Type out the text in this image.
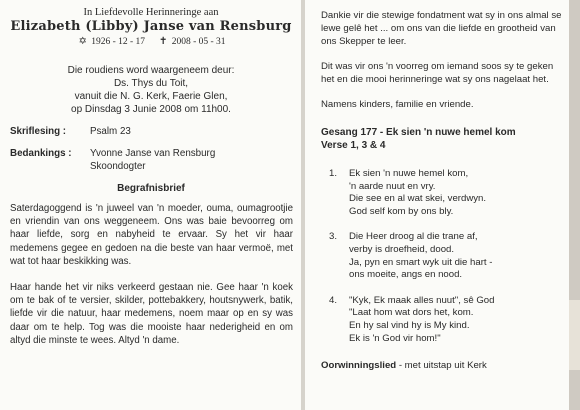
In Liefdevolle Herinneringe aan
Elizabeth (Libby) Janse van Rensburg
✡ 1926 - 12 - 17 ✝ 2008 - 05 - 31
Die roudiens word waargeneem deur:
Ds. Thys du Toit,
vanuit die N. G. Kerk, Faerie Glen,
op Dinsdag 3 Junie 2008 om 11h00.
Skriflesing :	Psalm 23
Bedankings :	Yvonne Janse van Rensburg
Skoondogter
Begrafnisbrief
Saterdagoggend is 'n juweel van 'n moeder, ouma, oumagrootjie en vriendin van ons weggeneem. Ons was baie bevoorreg om haar liefde, sorg en nabyheid te ervaar. Sy het vir haar medemens gegee en gedoen na die beste van haar vermoë, met wat tot haar beskikking was.
Haar hande het vir niks verkeerd gestaan nie. Gee haar 'n koek om te bak of te versier, skilder, pottebakkery, houtsnywerk, batik, liefde vir die natuur, haar medemens, noem maar op en sy was daar om te help. Tog was die mooiste haar nederigheid en om altyd die minste te wees. Altyd 'n dame.
Dankie vir die stewige fondatment wat sy in ons almal se lewe gelê het ... om ons van die liefde en grootheid van ons Skepper te leer.
Dit was vir ons 'n voorreg om iemand soos sy te geken het en die mooi herinneringe wat sy ons nagelaat het.
Namens kinders, familie en vriende.
Gesang 177 - Ek sien 'n nuwe hemel kom
Verse 1, 3 & 4
1.	Ek sien 'n nuwe hemel kom,
'n aarde nuut en vry.
Die see en al wat skei, verdwyn.
God self kom by ons bly.
3.	Die Heer droog al die trane af,
verby is droefheid, dood.
Ja, pyn en smart wyk uit die hart -
ons moeite, angs en nood.
4.	"Kyk, Ek maak alles nuut", sê God
"Laat hom wat dors het, kom.
En hy sal vind hy is My kind.
Ek is 'n God vir hom!"
Oorwinningslied - met uitstap uit Kerk
